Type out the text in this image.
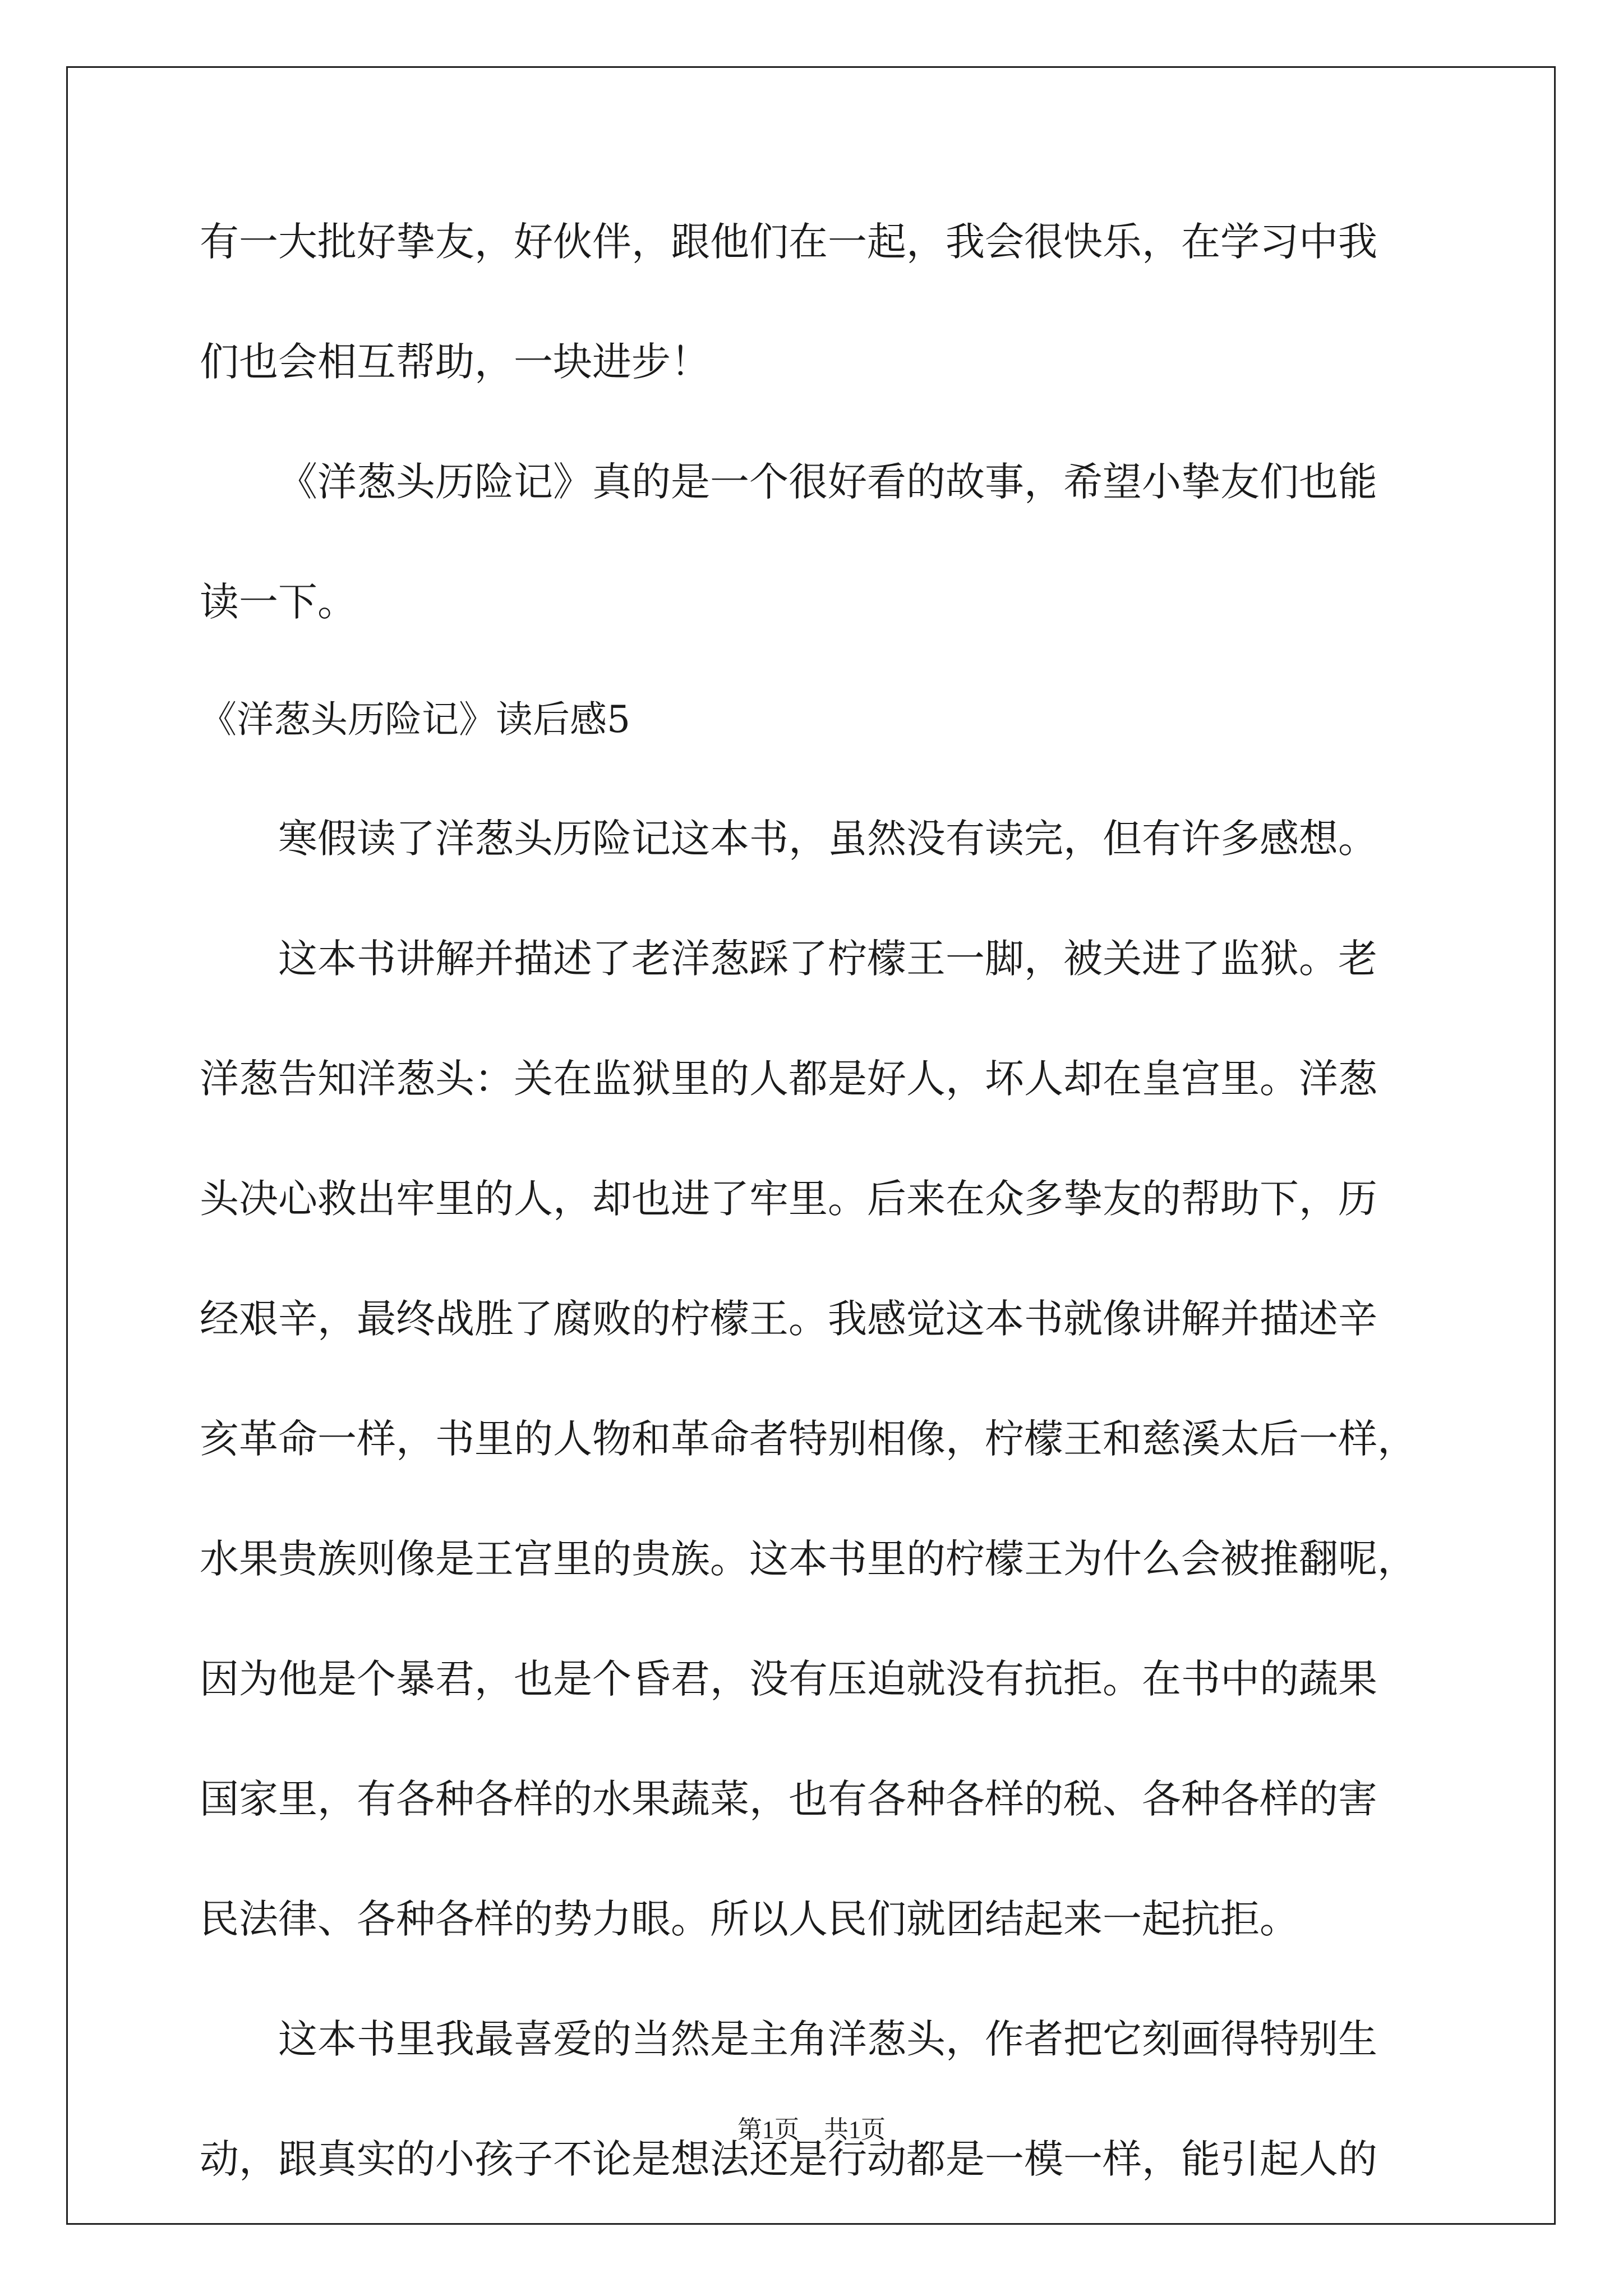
有一大批好挚友，好伙伴，跟他们在一起，我会很快乐，在学习中我

们也会相互帮助，一块进步！

《洋葱头历险记》真的是一个很好看的故事，希望小挚友们也能

读一下。

《洋葱头历险记》读后感5

寒假读了洋葱头历险记这本书，虽然没有读完，但有许多感想。

这本书讲解并描述了老洋葱踩了柠檬王一脚，被关进了监狱。老

洋葱告知洋葱头：关在监狱里的人都是好人，坏人却在皇宫里。洋葱

头决心救出牢里的人，却也进了牢里。后来在众多挚友的帮助下，历

经艰辛，最终战胜了腐败的柠檬王。我感觉这本书就像讲解并描述辛

亥革命一样，书里的人物和革命者特别相像，柠檬王和慈溪太后一样，

水果贵族则像是王宫里的贵族。这本书里的柠檬王为什么会被推翻呢，

因为他是个暴君，也是个昏君，没有压迫就没有抗拒。在书中的蔬果

国家里，有各种各样的水果蔬菜，也有各种各样的税、各种各样的害

民法律、各种各样的势力眼。所以人民们就团结起来一起抗拒。

这本书里我最喜爱的当然是主角洋葱头，作者把它刻画得特别生

动，跟真实的小孩子不论是想法还是行动都是一模一样，能引起人的

第1页　共1页
